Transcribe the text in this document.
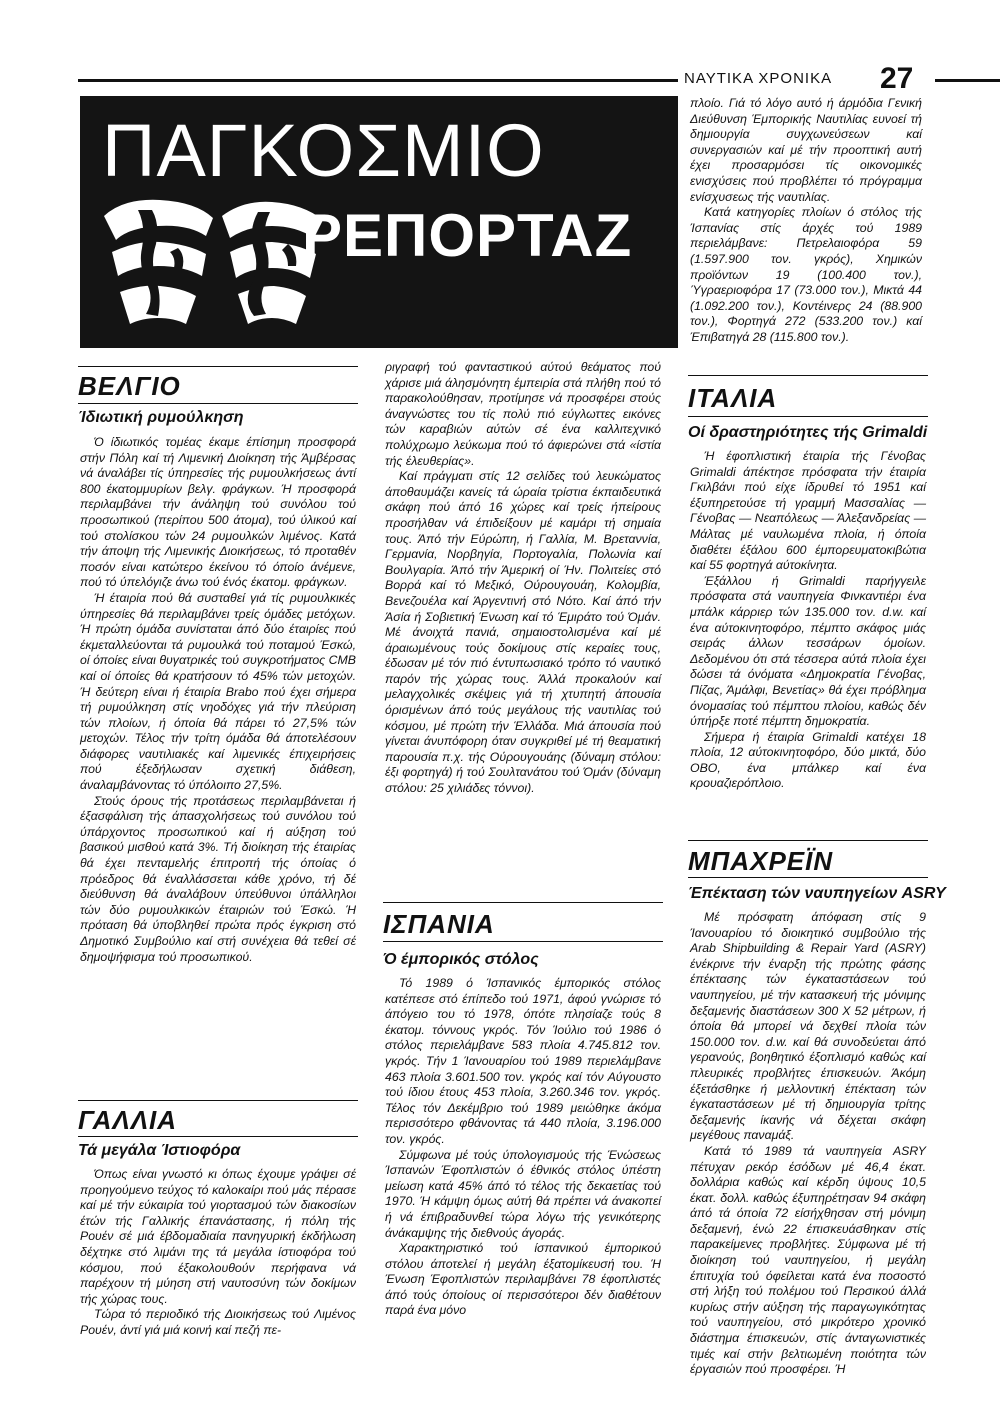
ΝΑΥΤΙΚΑ ΧΡΟΝΙΚΑ 27
ΠΑΓΚΟΣΜΙΟ
ΡΕΠΟΡΤΑΖ

πλοίο. Γιά τό λόγο αυτό ή άρμόδια Γενική Διεύθυνση Έμπορικής Ναυτιλίας ευνοεί τή δημιουργία συγχωνεύσεων καί συνεργασιών καί μέ τήν προοπτική αυτή έχει προσαρμόσει τίς οικονομικές ενισχύσεις πού προβλέπει τό πρόγραμμα ενίσχυσεως τής ναυτιλίας.

Κατά κατηγορίες πλοίων ό στόλος τής Ίσπανίας στίς άρχές τού 1989 περιελάμβανε: Πετρελαιοφόρα 59 (1.597.900 τον. γκρός), Χημικών προϊόντων 19 (100.400 τον.), Ύγραεριοφόρα 17 (73.000 τον.), Μικτά 44 (1.092.200 τον.), Κοντέινερς 24 (88.900 τον.), Φορτηγά 272 (533.200 τον.) καί Έπιβατηγά 28 (115.800 τον.).

ΒΕΛΓΙΟ
Ίδιωτική ρυμούλκηση

Ό ίδιωτικός τομέας έκαμε έπίσημη προσφορά στήν Πόλη καί τή Λιμενική Διοίκηση τής Άμβέρσας νά άναλάβει τίς ύπηρεσίες τής ρυμουλκήσεως άντί 800 έκατομμυρίων βελγ. φράγκων. Ή προσφορά περιλαμβάνει τήν άνάληψη τού συνόλου τού προσωπικού (περίπου 500 άτομα), τού ύλικού καί τού στολίσκου τών 24 ρυμουλκών λιμένος. Κατά τήν άποψη τής Λιμενικής Διοικήσεως, τό προταθέν ποσόν είναι κατώτερο έκείνου τό όποίο άνέμενε, πού τό ύπελόγιζε άνω τού ένός έκατομ. φράγκων.

Ή έταιρία πού θά συσταθεί γιά τίς ρυμουλκικές ύπηρεσίες θά περιλαμβάνει τρείς όμάδες μετόχων. Ή πρώτη όμάδα συνίσταται άπό δύο έταιρίες πού έκμεταλλεύονται τά ρυμουλκά τού ποταμού Έσκώ, οί όποίες είναι θυγατρικές τού συγκροτήματος CMB καί οί όποίες θά κρατήσουν τό 45% τών μετοχών. Ή δεύτερη είναι ή έταιρία Brabo πού έχει σήμερα τή ρυμούλκηση στίς νηοδόχες γιά τήν πλεύριση τών πλοίων, ή όποία θά πάρει τό 27,5% τών μετοχών. Τέλος τήν τρίτη όμάδα θά άποτελέσουν διάφορες ναυτιλιακές καί λιμενικές έπιχειρήσεις πού έξεδήλωσαν σχετική διάθεση, άναλαμβάνοντας τό ύπόλοιπο 27,5%.

Στούς όρους τής προτάσεως περιλαμβάνεται ή έξασφάλιση τής άπασχολήσεως τού συνόλου τού ύπάρχοντος προσωπικού καί ή αύξηση τού βασικού μισθού κατά 3%. Τή διοίκηση τής έταιρίας θά έχει πενταμελής έπιτροπή τής όποίας ό πρόεδρος θά έναλλάσσεται κάθε χρόνο, τή δέ διεύθυνση θά άναλάβουν ύπεύθυνοι ύπάλληλοι τών δύο ρυμουλκικών έταιριών τού Έσκώ. Ή πρόταση θά ύποβληθεί πρώτα πρός έγκριση στό Δημοτικό Συμβούλιο καί στή συνέχεια θά τεθεί σέ δημοψήφισμα τού προσωπικού.

ΓΑΛΛΙΑ
Τά μεγάλα Ίστιοφόρα

Όπως είναι γνωστό κι όπως έχουμε γράψει σέ προηγούμενο τεύχος τό καλοκαίρι πού μάς πέρασε καί μέ τήν εύκαιρία τού γιορτασμού τών διακοσίων έτών τής Γαλλικής έπανάστασης, ή πόλη τής Ρουέν σέ μιά έβδομαδιαία πανηγυρική έκδήλωση δέχτηκε στό λιμάνι της τά μεγάλα ίστιοφόρα τού κόσμου, πού έξακολουθούν περήφανα νά παρέχουν τή μύηση στή ναυτοσύνη τών δοκίμων τής χώρας τους.

Τώρα τό περιοδικό τής Διοικήσεως τού Λιμένος Ρουέν, άντί γιά μιά κοινή καί πεζή πε-

ριγραφή τού φανταστικού αύτού θεάματος πού χάρισε μιά άλησμόνητη έμπειρία στά πλήθη πού τό παρακολούθησαν, προτίμησε νά προσφέρει στούς άναγνώστες του τίς πολύ πιό εύγλωττες εικόνες τών καραβιών αύτών σέ ένα καλλιτεχνικό πολύχρωμο λεύκωμα πού τό άφιερώνει στά «ίστία τής έλευθερίας».

Καί πράγματι στίς 12 σελίδες τού λευκώματος άποθαυμάζει κανείς τά ώραία τρίστια έκπαιδευτικά σκάφη πού άπό 16 χώρες καί τρείς ήπείρους προσήλθαν νά έπιδείξουν μέ καμάρι τή σημαία τους. Άπό τήν Εύρώπη, ή Γαλλία, Μ. Βρεταννία, Γερμανία, Νορβηγία, Πορτογαλία, Πολωνία καί Βουλγαρία. Άπό τήν Άμερική οί Ήν. Πολιτείες στό Βορρά καί τό Μεξικό, Ούρουγουάη, Κολομβία, Βενεζουέλα καί Άργεντινή στό Νότο. Καί άπό τήν Άσία ή Σοβιετική Ένωση καί τό Έμιράτο τού Όμάν. Μέ άνοιχτά πανιά, σημαιοστολισμένα καί μέ άραιωμένους τούς δοκίμους στίς κεραίες τους, έδωσαν μέ τόν πιό έντυπωσιακό τρόπο τό ναυτικό παρόν τής χώρας τους. Άλλά προκαλούν καί μελαγχολικές σκέψεις γιά τή χτυπητή άπουσία όρισμένων άπό τούς μεγάλους τής ναυτιλίας τού κόσμου, μέ πρώτη τήν Έλλάδα. Μιά άπουσία πού γίνεται άνυπόφορη όταν συγκριθεί μέ τή θεαματική παρουσία π.χ. τής Ούρουγουάης (δύναμη στόλου: έξι φορτηγά) ή τού Σουλτανάτου τού Όμάν (δύναμη στόλου: 25 χιλιάδες τόννοι).

ΙΣΠΑΝΙΑ
Ό έμπορικός στόλος

Τό 1989 ό Ίσπανικός έμπορικός στόλος κατέπεσε στό έπίπεδο τού 1971, άφού γνώρισε τό άπόγειο του τό 1978, όπότε πλησίαζε τούς 8 έκατομ. τόννους γκρός. Τόν Ίούλιο τού 1986 ό στόλος περιελάμβανε 583 πλοία 4.745.812 τον. γκρός. Τήν 1 Ίανουαρίου τού 1989 περιελάμβανε 463 πλοία 3.601.500 τον. γκρός καί τόν Αύγουστο τού ίδιου έτους 453 πλοία, 3.260.346 τον. γκρός. Τέλος τόν Δεκέμβριο τού 1989 μειώθηκε άκόμα περισσότερο φθάνοντας τά 440 πλοία, 3.196.000 τον. γκρός.

Σύμφωνα μέ τούς ύπολογισμούς τής Ένώσεως Ίσπανών Έφοπλιστών ό έθνικός στόλος ύπέστη μείωση κατά 45% άπό τό τέλος τής δεκαετίας τού 1970. Ή κάμψη όμως αύτή θά πρέπει νά άνακοπεί ή νά έπιβραδυνθεί τώρα λόγω τής γενικότερης άνάκαμψης τής διεθνούς άγοράς.

Χαρακτηριστικό τού ίσπανικού έμπορικού στόλου άποτελεί ή μεγάλη έξατομίκευσή του. Ή Ένωση Έφοπλιστών περιλαμβάνει 78 έφοπλιστές άπό τούς όποίους οί περισσότεροι δέν διαθέτουν παρά ένα μόνο

ΙΤΑΛΙΑ
Οί δραστηριότητες τής Grimaldi

Ή έφοπλιστική έταιρία τής Γένοβας Grimaldi άπέκτησε πρόσφατα τήν έταιρία Γκιλβάνι πού είχε ίδρυθεί τό 1951 καί έξυπηρετούσε τή γραμμή Μασσαλίας — Γένοβας — Νεαπόλεως — Άλεξανδρείας — Μάλτας μέ ναυλωμένα πλοία, ή όποία διαθέτει έξάλου 600 έμπορευματοκιβώτια καί 55 φορτηγά αύτοκίνητα.

Έξάλλου ή Grimaldi παρήγγειλε πρόσφατα στά ναυπηγεία Φινκαντιέρι ένα μπάλκ κάρριερ τών 135.000 τον. d.w. καί ένα αύτοκινητοφόρο, πέμπτο σκάφος μιάς σειράς άλλων τεσσάρων όμοίων. Δεδομένου ότι στά τέσσερα αύτά πλοία έχει δώσει τά όνόματα «Δημοκρατία Γένοβας, Πίζας, Άμάλφι, Βενετίας» θά έχει πρόβλημα όνομασίας τού πέμπτου πλοίου, καθώς δέν ύπήρξε ποτέ πέμπτη δημοκρατία.

Σήμερα ή έταιρία Grimaldi κατέχει 18 πλοία, 12 αύτοκινητοφόρο, δύο μικτά, δύο OBO, ένα μπάλκερ καί ένα κρουαζιερόπλοιο.

ΜΠΑΧΡΕΪΝ
Έπέκταση τών ναυπηγείων ASRY

Μέ πρόσφατη άπόφαση στίς 9 Ίανουαρίου τό διοικητικό συμβούλιο τής Arab Shipbuilding & Repair Yard (ASRY) ένέκρινε τήν έναρξη τής πρώτης φάσης έπέκτασης τών έγκαταστάσεων τού ναυπηγείου, μέ τήν κατασκευή τής μόνιμης δεξαμενής διαστάσεων 300 Χ 52 μέτρων, ή όποία θά μπορεί νά δεχθεί πλοία τών 150.000 τον. d.w. καί θά συνοδεύεται άπό γερανούς, βοηθητικό έξοπλισμό καθώς καί πλευρικές προβλήτες έπισκευών. Άκόμη έξετάσθηκε ή μελλοντική έπέκταση τών έγκαταστάσεων μέ τή δημιουργία τρίτης δεξαμενής ίκανής νά δέχεται σκάφη μεγέθους παναμάξ.

Κατά τό 1989 τά ναυπηγεία ASRY πέτυχαν ρεκόρ έσόδων μέ 46,4 έκατ. δολλάρια καθώς καί κέρδη ύψους 10,5 έκατ. δολλ. καθώς έξυπηρέτησαν 94 σκάφη άπό τά όποία 72 είσήχθησαν στή μόνιμη δεξαμενή, ένώ 22 έπισκευάσθηκαν στίς παρακείμενες προβλήτες. Σύμφωνα μέ τή διοίκηση τού ναυπηγείου, ή μεγάλη έπιτυχία τού όφείλεται κατά ένα ποσοστό στή λήξη τού πολέμου τού Περσικού άλλά κυρίως στήν αύξηση τής παραγωγικότητας τού ναυπηγείου, στό μικρότερο χρονικό διάστημα έπισκευών, στίς άνταγωνιστικές τιμές καί στήν βελτιωμένη ποιότητα τών έργασιών πού προσφέρει. Ή
